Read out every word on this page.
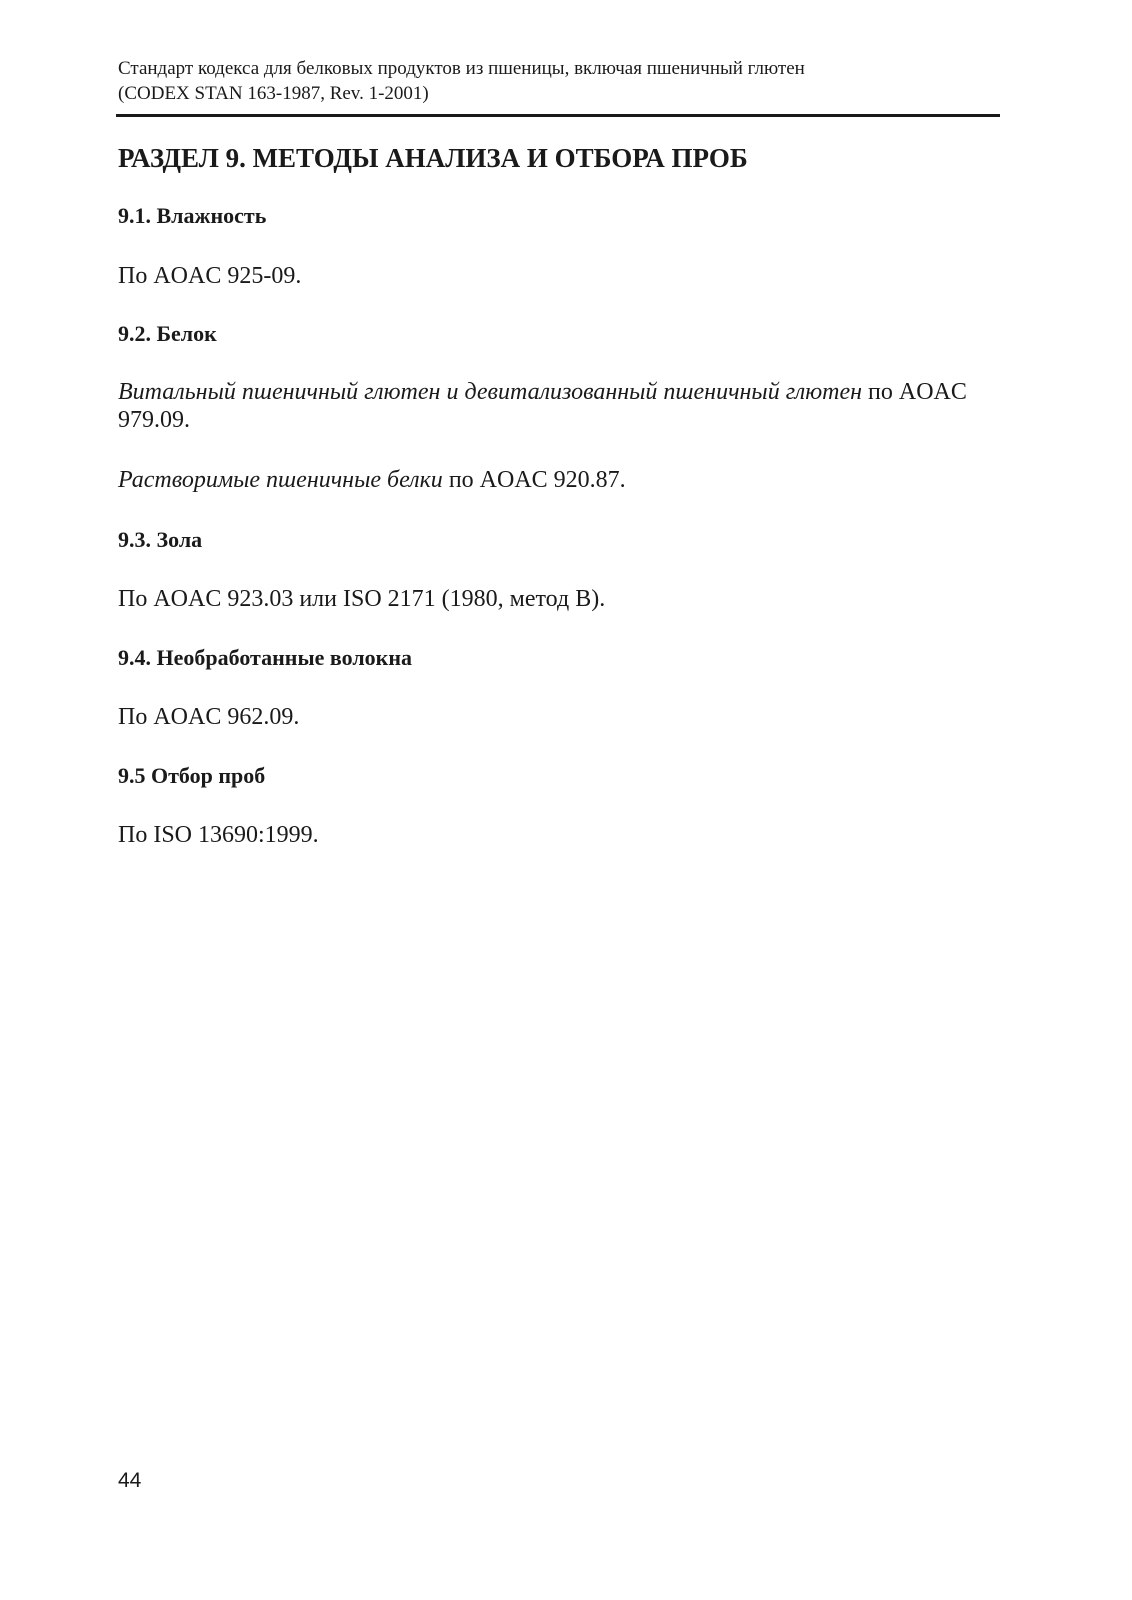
Стандарт кодекса для белковых продуктов из пшеницы, включая пшеничный глютен
(CODEX STAN 163-1987, Rev. 1-2001)
РАЗДЕЛ 9. МЕТОДЫ АНАЛИЗА И ОТБОРА ПРОБ
9.1. Влажность

По AOAC 925-09.

9.2. Белок

Витальный пшеничный глютен и девитализованный пшеничный глютен по AOAC 979.09.

Растворимые пшеничные белки по AOAC 920.87.

9.3. Зола

По AOAC 923.03 или ISO 2171 (1980, метод B).

9.4. Необработанные волокна

По AOAC 962.09.

9.5 Отбор проб

По ISO 13690:1999.

44
